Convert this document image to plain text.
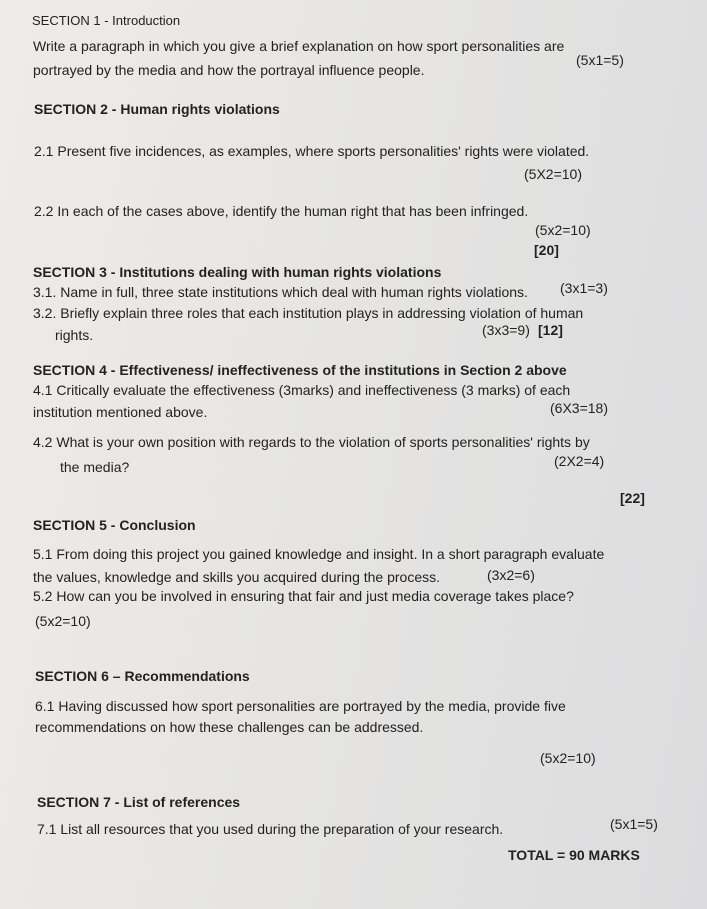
SECTION 1 - Introduction
Write a paragraph in which you give a brief explanation on how sport personalities are
portrayed by the media and how the portrayal influence people.
(5x1=5)
SECTION 2 - Human rights violations
2.1 Present five incidences, as examples, where sports personalities' rights were violated.
(5X2=10)
2.2 In each of the cases above, identify the human right that has been infringed.
(5x2=10)
[20]
SECTION 3 - Institutions dealing with human rights violations
3.1. Name in full, three state institutions which deal with human rights violations. (3x1=3)
3.2. Briefly explain three roles that each institution plays in addressing violation of human
rights.	(3x3=9) [12]
SECTION 4 - Effectiveness/ ineffectiveness of the institutions in Section 2 above
4.1 Critically evaluate the effectiveness (3marks) and ineffectiveness (3 marks) of each
institution mentioned above.	(6X3=18)
4.2 What is your own position with regards to the violation of sports personalities' rights by
the media?	(2X2=4)
[22]
SECTION 5 - Conclusion
5.1 From doing this project you gained knowledge and insight. In a short paragraph evaluate
the values, knowledge and skills you acquired during the process.	(3x2=6)
5.2 How can you be involved in ensuring that fair and just media coverage takes place?
(5x2=10)
SECTION 6 – Recommendations
6.1 Having discussed how sport personalities are portrayed by the media, provide five
recommendations on how these challenges can be addressed.
(5x2=10)
SECTION 7 - List of references
7.1 List all resources that you used during the preparation of your research.	(5x1=5)
TOTAL = 90 MARKS
